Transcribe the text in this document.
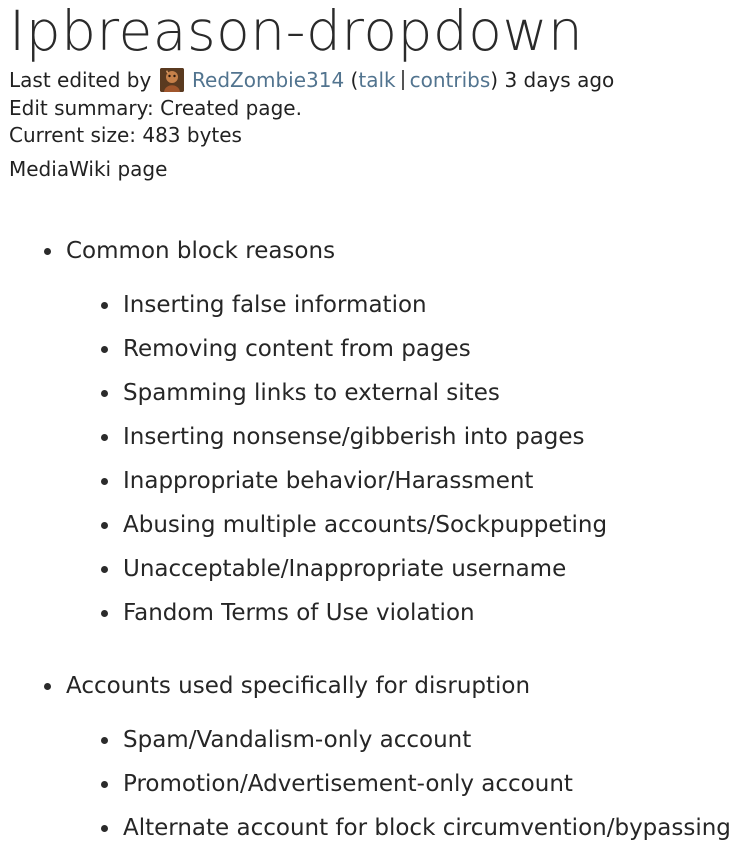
Ipbreason-dropdown
Last edited by RedZombie314 (talk contribs) 3 days ago
Edit summary: Created page.
Current size: 483 bytes
MediaWiki page
Common block reasons
Inserting false information
Removing content from pages
Spamming links to external sites
Inserting nonsense/gibberish into pages
Inappropriate behavior/Harassment
Abusing multiple accounts/Sockpuppeting
Unacceptable/Inappropriate username
Fandom Terms of Use violation
Accounts used specifically for disruption
Spam/Vandalism-only account
Promotion/Advertisement-only account
Alternate account for block circumvention/bypassing
